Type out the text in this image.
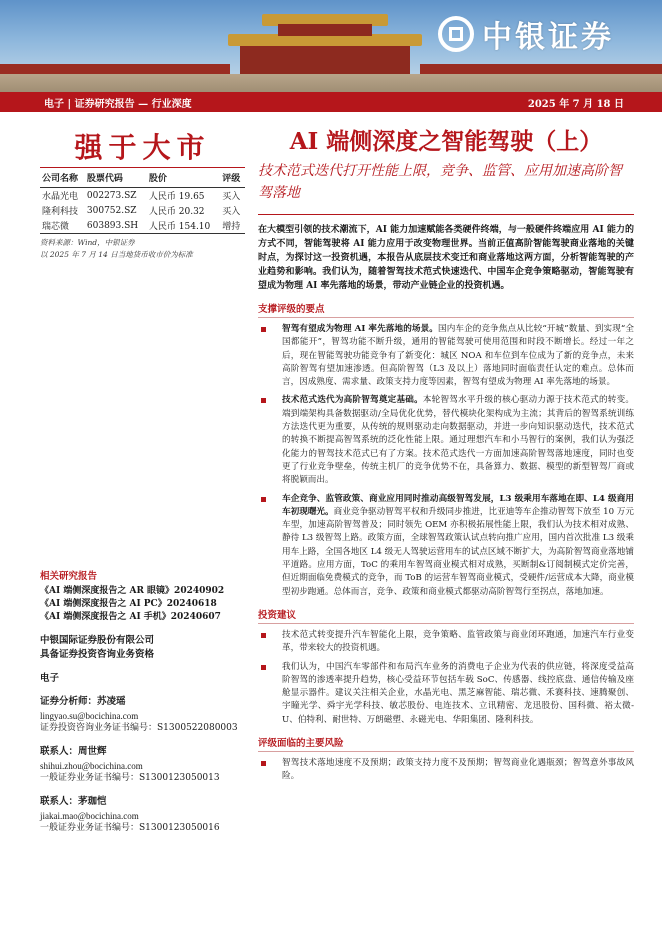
中银证券
电子 | 证券研究报告 — 行业深度	2025 年 7 月 18 日
强于大市
公司名称	股票代码	股价	评级
水晶光电	002273.SZ	人民币 19.65	买入
隆利科技	300752.SZ	人民币 20.32	买入
瑞芯微	603893.SH	人民币 154.10	增持
资料来源：Wind，中银证券
以 2025 年 7 月 14 日当地货币收市价为标准
相关研究报告
《AI 端侧深度报告之 AR 眼镜》20240902
《AI 端侧深度报告之 AI PC》20240618
《AI 端侧深度报告之 AI 手机》20240607
中银国际证券股份有限公司
具备证券投资咨询业务资格
电子
证券分析师：苏凌瑶
lingyao.su@bocichina.com
证券投资咨询业务证书编号：S1300522080003
联系人：周世辉
shihui.zhou@bocichina.com
一般证券业务证书编号：S1300123050013
联系人：茅珈恺
jiakai.mao@bocichina.com
一般证券业务证书编号：S1300123050016
AI 端侧深度之智能驾驶（上）
技术范式迭代打开性能上限，竞争、监管、应用加速高阶智驾落地
在大模型引领的技术潮流下，AI 能力加速赋能各类硬件终端，与一般硬件终端应用 AI 能力的方式不同，智能驾驶将 AI 能力应用于改变物理世界。当前正值高阶智能驾驶商业落地的关键时点，为探讨这一投资机遇，本报告从底层技术变迁和商业落地这两方面，分析智能驾驶的产业趋势和影响。我们认为，随着智驾技术范式快速迭代、中国车企竞争策略驱动，智能驾驶有望成为物理 AI 率先落地的场景，带动产业链企业的投资机遇。
支撑评级的要点
智驾有望成为物理 AI 率先落地的场景。国内车企的竞争焦点从比较“开城”数量、到实现“全国都能开”，智驾功能不断升级，通用的智能驾驶可使用范围和时段不断增长。经过一年之后，现在智能驾驶功能竞争有了新变化：城区 NOA 和车位到车位成为了新的竞争点，未来高阶智驾有望加速渗透。但高阶智驾（L3 及以上）落地同时面临责任认定的难点。总体而言，因成熟度、需求量、政策支持力度等因素，智驾有望成为物理 AI 率先落地的场景。
技术范式迭代为高阶智驾奠定基础。本轮智驾水平升级的核心驱动力源于技术范式的转变。端到端架构具备数据驱动/全局优化优势，替代模块化架构成为主流；其背后的智驾系统训练方法迭代更为重要，从传统的规则驱动走向数据驱动，并进一步向知识驱动迭代，技术范式的转换不断提高智驾系统的泛化性能上限。通过理想汽车和小马智行的案例，我们认为强泛化能力的智驾技术范式已有了方案。技术范式迭代一方面加速高阶智驾落地速度，同时也变更了行业竞争壁垒，传统主机厂的竞争优势不在，具备算力、数据、模型的新型智驾厂商或将脱颖而出。
车企竞争、监管政策、商业应用同时推动高级智驾发展，L3 级乘用车落地在即、L4 级商用车初现曙光。商业竞争驱动智驾平权和升级同步推进，比亚迪等车企推动智驾下放至 10 万元车型，加速高阶智驾普及；同时领先 OEM 亦积极拓展性能上限，我们认为技术相对成熟、静待 L3 级智驾上路。政策方面，全球智驾政策认试点转向推广应用，国内首次批准 L3 级乘用车上路，全国各地区 L4 级无人驾驶运营用车的试点区域不断扩大，为高阶智驾商业落地铺平道路。应用方面，ToC 的乘用车智驾商业模式相对成熟，买断制&订阅制模式定价完善，但近期面临免费模式的竞争，而 ToB 的运营车智驾商业模式，受硬件/运营成本大降，商业模型初步跑通。总体而言，竞争、政策和商业模式都驱动高阶智驾行至拐点，落地加速。
投资建议
技术范式转变提升汽车智能化上限，竞争策略、监管政策与商业闭环跑通，加速汽车行业变革，带来较大的投资机遇。
我们认为，中国汽车零部件和布局汽车业务的消费电子企业为代表的供应链，将深度受益高阶智驾的渗透率提升趋势，核心受益环节包括车载 SoC、传感器、线控底盘、通信传输及座舱显示器件。建议关注相关企业，水晶光电、黑芝麻智能、瑞芯微、禾赛科技、速腾聚创、宇瞳光学、舜宇光学科技、敏芯股份、电连技术、立讯精密、龙迅股份、国科微、裕太微-U、伯特利、耐世特、万朗磁塑、永磁光电、华阳集团、隆利科技。
评级面临的主要风险
智驾技术落地速度不及预期；政策支持力度不及预期；智驾商业化遇瓶颈；智驾意外事故风险。
